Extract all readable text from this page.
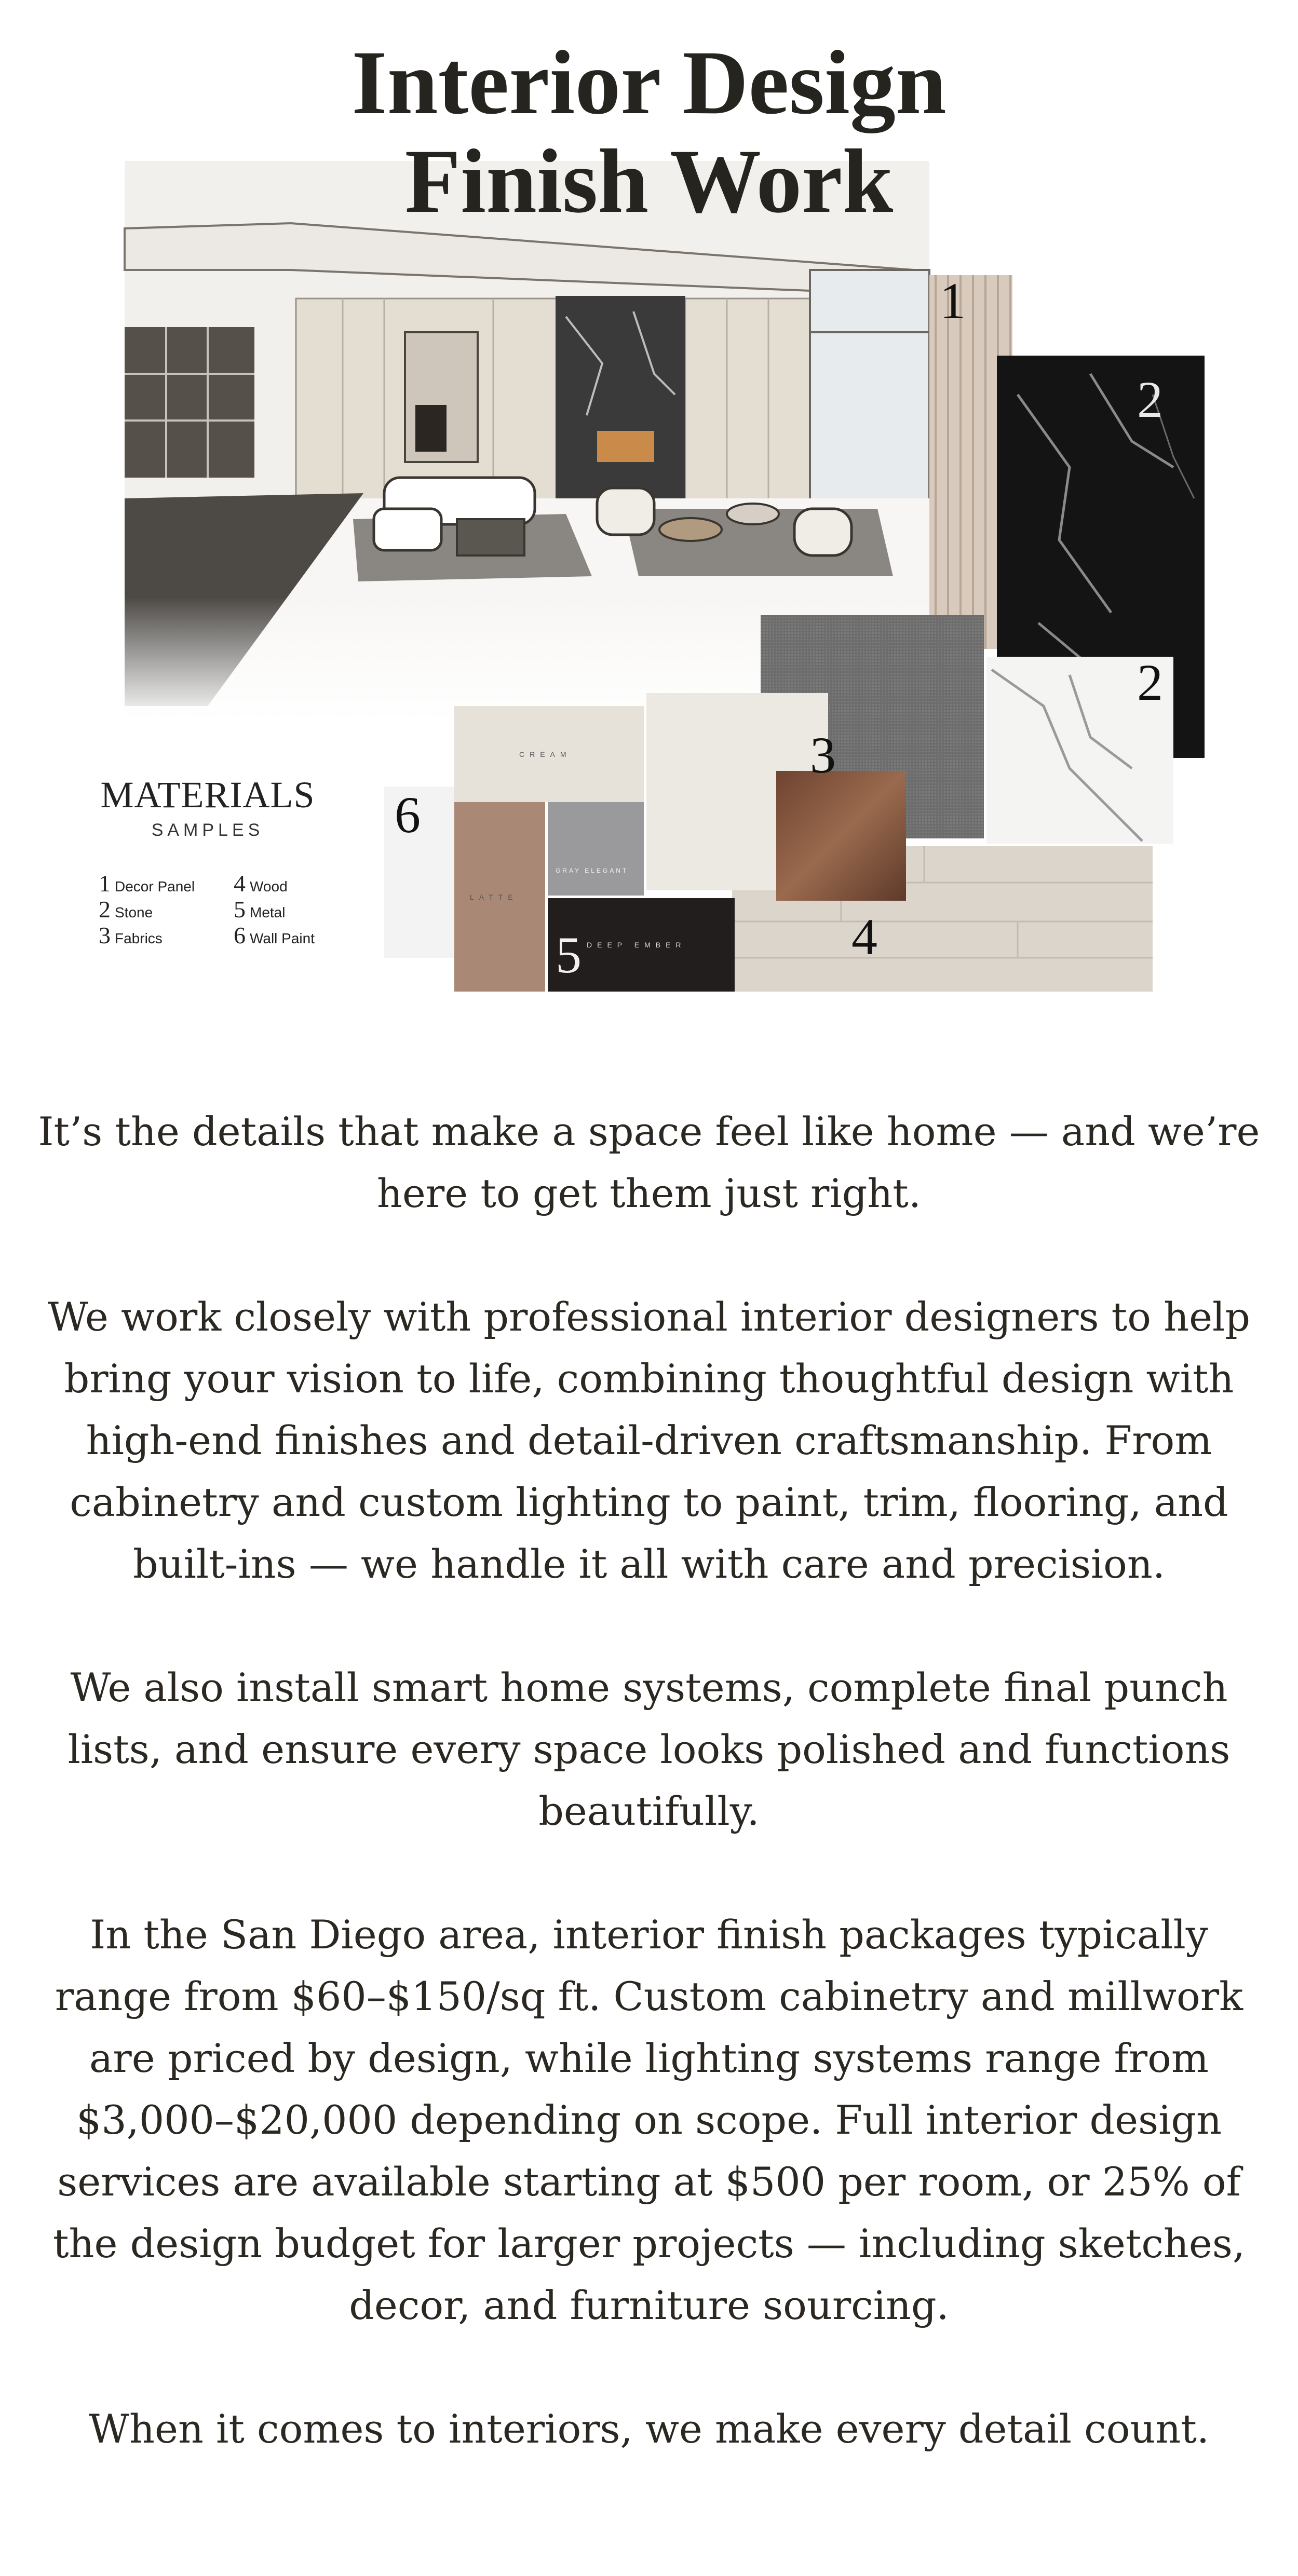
1
2
2
3
4
5
6
CREAM
LATTE
GRAY ELEGANT
DEEP EMBER
MATERIALS
SAMPLES
1 Decor Panel 4 Wood
2 Stone	5 Metal
3 Fabrics	6 Wall Paint
Interior Design
Finish Work

It’s the details that make a space feel like home — and we’re here to get them just right.

We work closely with professional interior designers to help bring your vision to life, combining thoughtful design with high-end finishes and detail-driven craftsmanship. From cabinetry and custom lighting to paint, trim, flooring, and built-ins — we handle it all with care and precision.

We also install smart home systems, complete final punch lists, and ensure every space looks polished and functions beautifully.

In the San Diego area, interior finish packages typically range from $60–$150/sq ft. Custom cabinetry and millwork are priced by design, while lighting systems range from $3,000–$20,000 depending on scope. Full interior design services are available starting at $500 per room, or 25% of the design budget for larger projects — including sketches, decor, and furniture sourcing.

When it comes to interiors, we make every detail count.
